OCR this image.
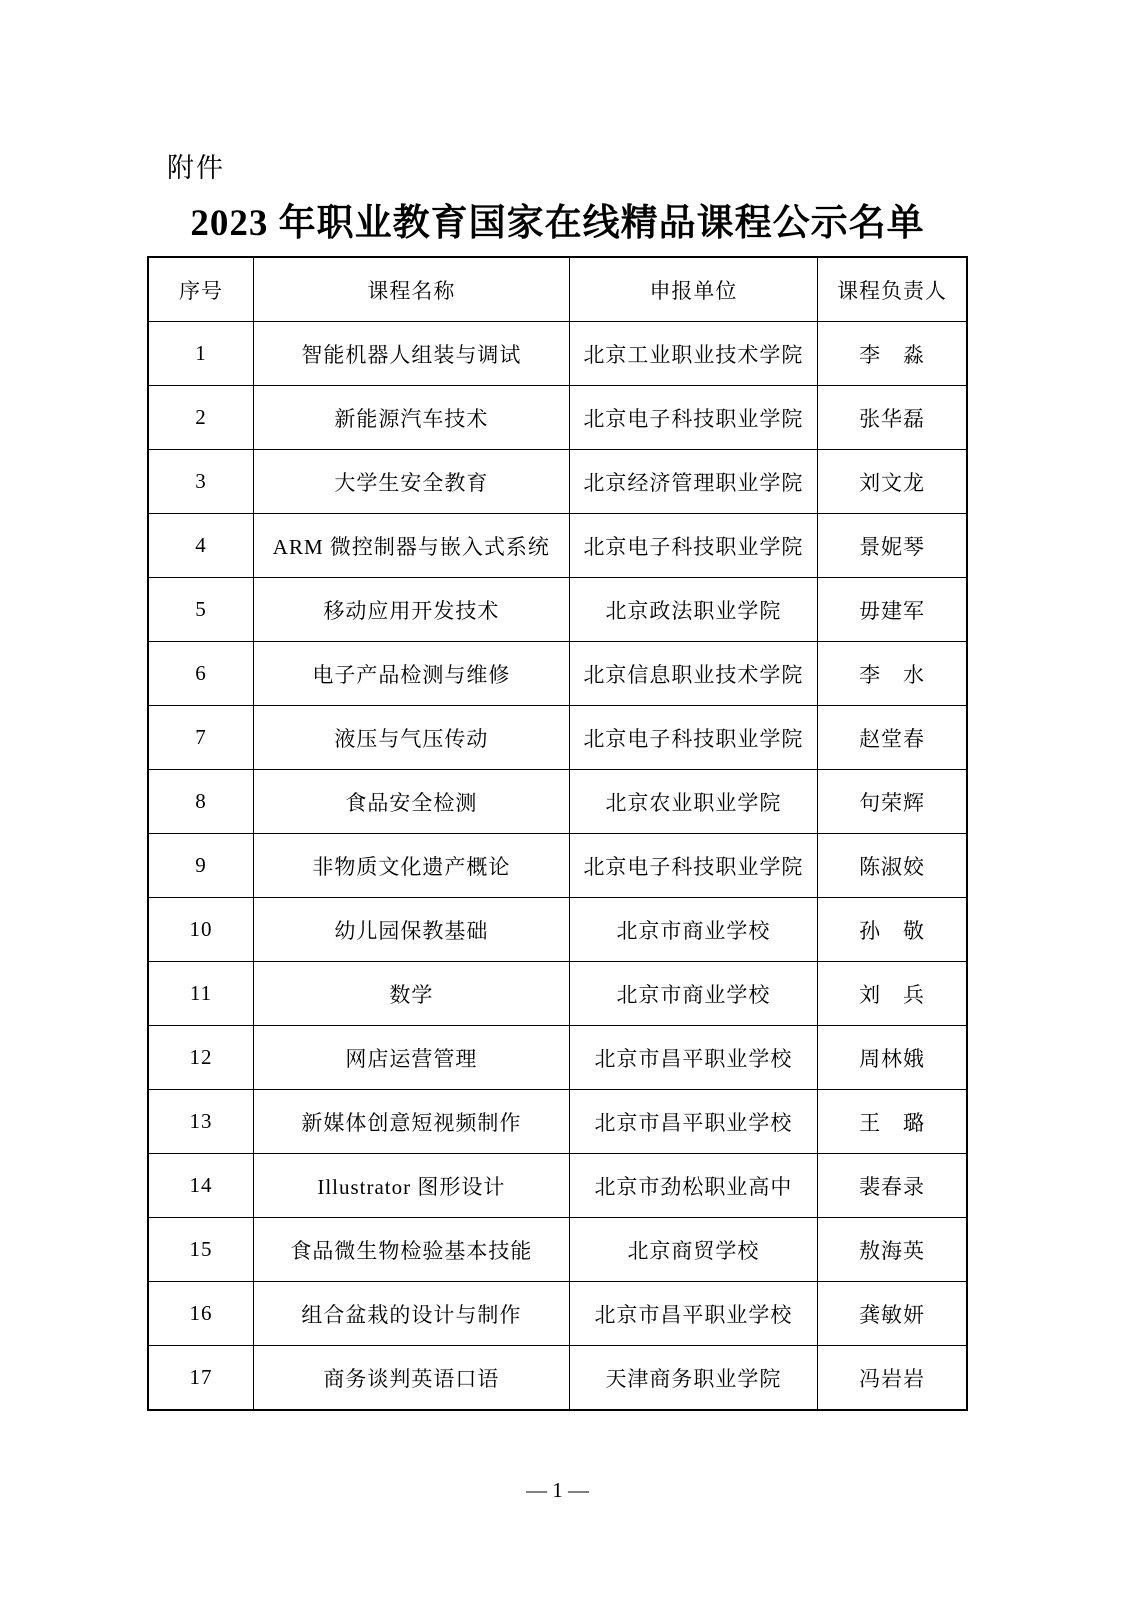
附件
2023 年职业教育国家在线精品课程公示名单
序号	课程名称	申报单位	课程负责人
1	智能机器人组装与调试	北京工业职业技术学院	李　淼
2	新能源汽车技术	北京电子科技职业学院	张华磊
3	大学生安全教育	北京经济管理职业学院	刘文龙
4	ARM 微控制器与嵌入式系统	北京电子科技职业学院	景妮琴
5	移动应用开发技术	北京政法职业学院	毋建军
6	电子产品检测与维修	北京信息职业技术学院	李　水
7	液压与气压传动	北京电子科技职业学院	赵堂春
8	食品安全检测	北京农业职业学院	句荣辉
9	非物质文化遗产概论	北京电子科技职业学院	陈淑姣
10	幼儿园保教基础	北京市商业学校	孙　敬
11	数学	北京市商业学校	刘　兵
12	网店运营管理	北京市昌平职业学校	周林娥
13	新媒体创意短视频制作	北京市昌平职业学校	王　璐
14	Illustrator 图形设计	北京市劲松职业高中	裴春录
15	食品微生物检验基本技能	北京商贸学校	敖海英
16	组合盆栽的设计与制作	北京市昌平职业学校	龚敏妍
17	商务谈判英语口语	天津商务职业学院	冯岩岩
— 1 —
